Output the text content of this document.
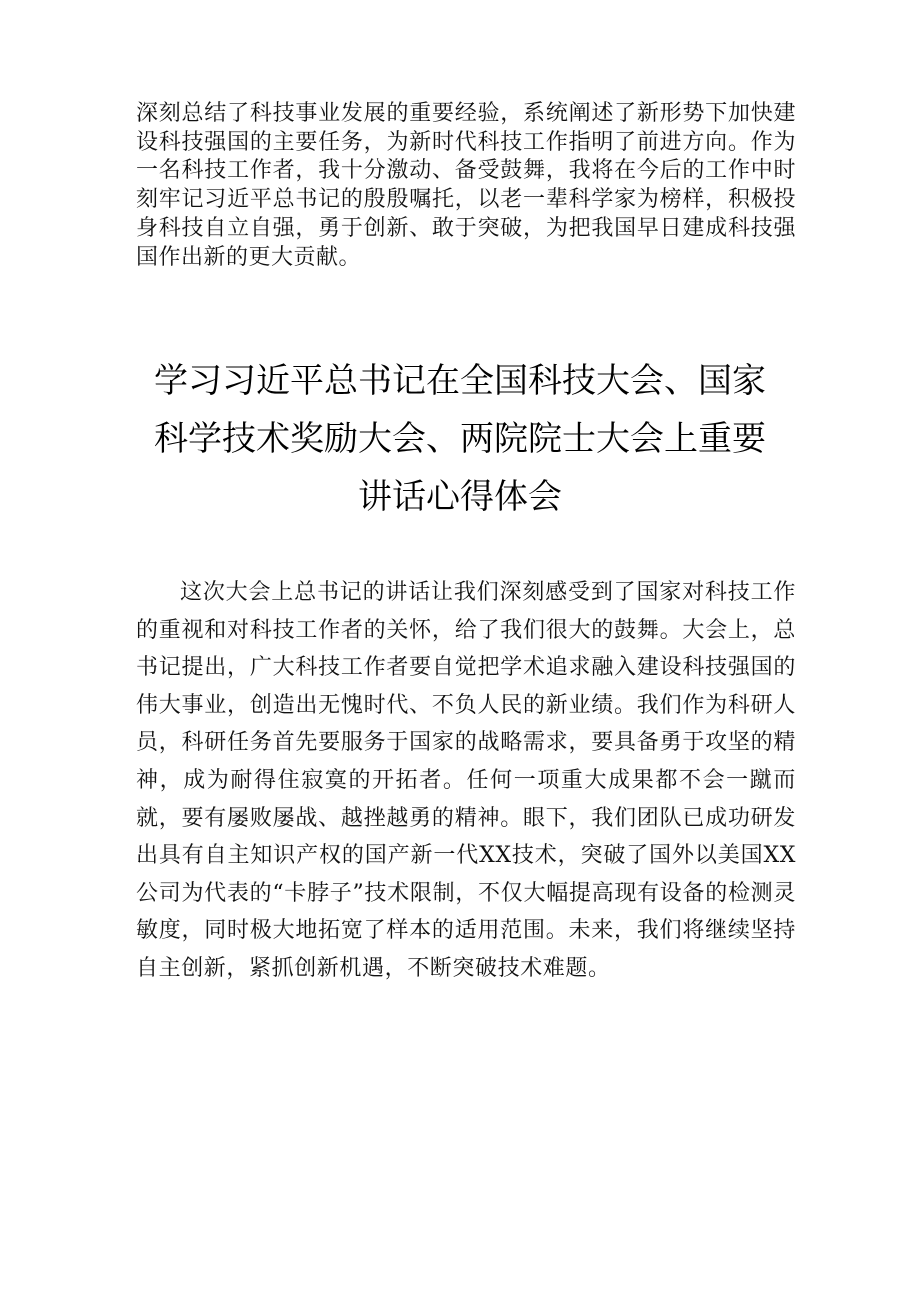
深刻总结了科技事业发展的重要经验，系统阐述了新形势下加快建设科技强国的主要任务，为新时代科技工作指明了前进方向。作为一名科技工作者，我十分激动、备受鼓舞，我将在今后的工作中时刻牢记习近平总书记的殷殷嘱托，以老一辈科学家为榜样，积极投身科技自立自强，勇于创新、敢于突破，为把我国早日建成科技强国作出新的更大贡献。

学习习近平总书记在全国科技大会、国家
科学技术奖励大会、两院院士大会上重要
讲话心得体会

这次大会上总书记的讲话让我们深刻感受到了国家对科技工作的重视和对科技工作者的关怀，给了我们很大的鼓舞。大会上，总书记提出，广大科技工作者要自觉把学术追求融入建设科技强国的伟大事业，创造出无愧时代、不负人民的新业绩。我们作为科研人员，科研任务首先要服务于国家的战略需求，要具备勇于攻坚的精神，成为耐得住寂寞的开拓者。任何一项重大成果都不会一蹴而就，要有屡败屡战、越挫越勇的精神。眼下，我们团队已成功研发出具有自主知识产权的国产新一代XX技术，突破了国外以美国XX公司为代表的“卡脖子”技术限制，不仅大幅提高现有设备的检测灵敏度，同时极大地拓宽了样本的适用范围。未来，我们将继续坚持自主创新，紧抓创新机遇，不断突破技术难题。
